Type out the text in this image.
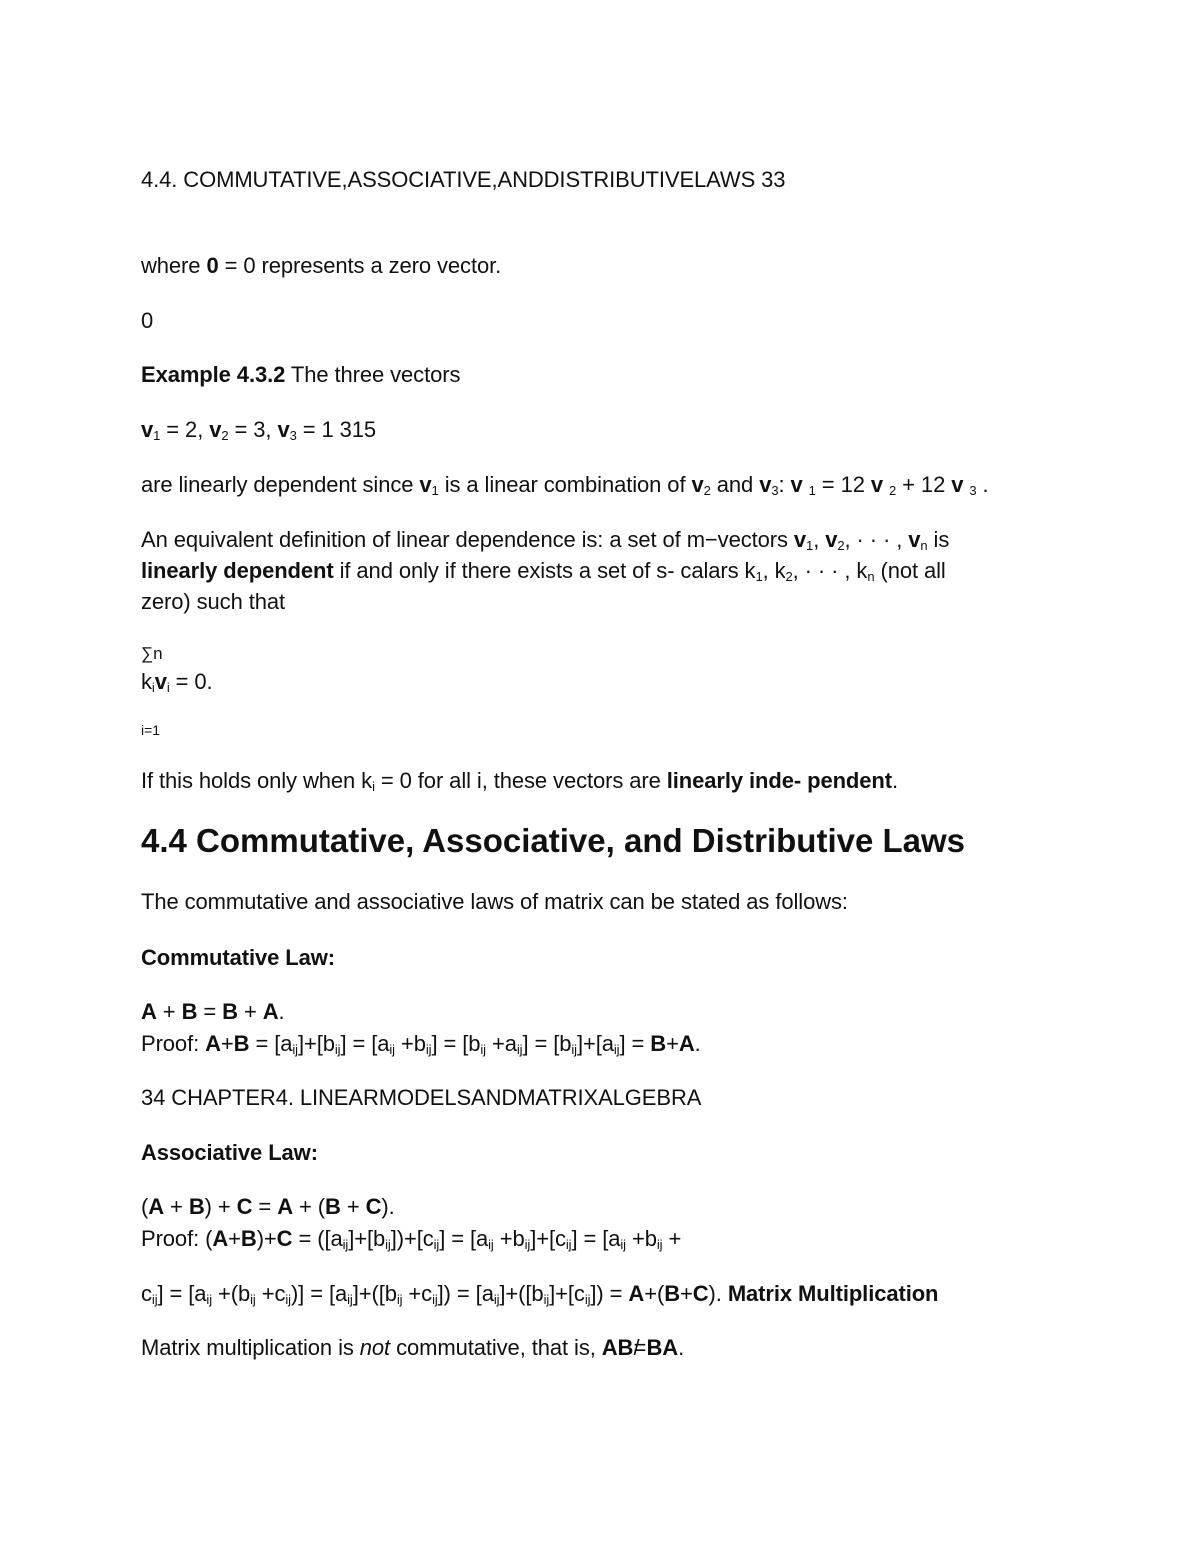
4.4. COMMUTATIVE,ASSOCIATIVE,ANDDISTRIBUTIVELAWS 33
where 0 = 0 represents a zero vector.
0
Example 4.3.2 The three vectors
$v_1 = 2$, $v_2 = 3$, $v_3 = 1$ 315
are linearly dependent since $v_1$ is a linear combination of $v_2$ and $v_3$: v $_1$ = 12 v $_2$ + 12 v $_3$ .
An equivalent definition of linear dependence is: a set of m−vectors $v_1$, $v_2$, · · · , $v_n$ is
linearly dependent if and only if there exists a set of s- calars $k_1$, $k_2$, · · · , $k_n$ (not all
zero) such that
∑n
$k_iv_i = 0$.
i=1
If this holds only when $k_i = 0$ for all i, these vectors are linearly inde- pendent.
4.4 Commutative, Associative, and Distributive Laws
The commutative and associative laws of matrix can be stated as follows:
Commutative Law:
A + B = B + A.
Proof: $A+B = [a_{ij}]+[b_{ij}] = [a_{ij} +b_{ij}] = [b_{ij} +a_{ij}] = [b_{ij}]+[a_{ij}] = B+A$.
34 CHAPTER4. LINEARMODELSANDMATRIXALGEBRA
Associative Law:
(A + B) + C = A + (B + C).
Proof: $(A+B)+C = ([a_{ij}]+[b_{ij}])+[c_{ij}] = [a_{ij} +b_{ij}]+[c_{ij}] = [a_{ij} +b_{ij}$ +
$c_{ij}] = [a_{ij} +(b_{ij} +c_{ij})] = [a_{ij}]+([b_{ij} +c_{ij}]) = [a_{ij}]+([b_{ij}]+[c_{ij}]) = A+(B+C)$. Matrix Multiplication
Matrix multiplication is not commutative, that is, AB /= BA.
